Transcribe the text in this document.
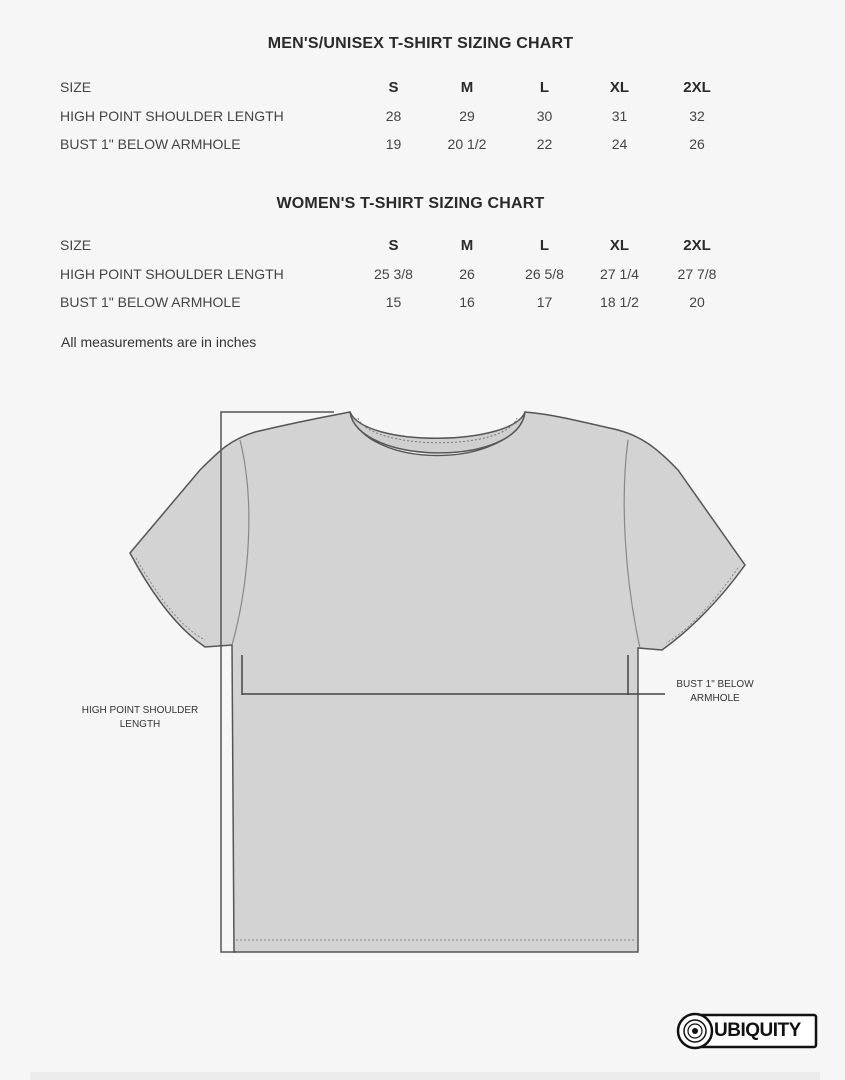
MEN'S/UNISEX T-SHIRT SIZING CHART
SIZE	S	M	L	XL	2XL
HIGH POINT SHOULDER LENGTH	28	29	30	31	32
BUST 1" BELOW ARMHOLE	19	20 1/2	22	24	26
WOMEN'S T-SHIRT SIZING CHART
SIZE	S	M	L	XL	2XL
HIGH POINT SHOULDER LENGTH	25 3/8	26	26 5/8	27 1/4	27 7/8
BUST 1" BELOW ARMHOLE	15	16	17	18 1/2	20
All measurements are in inches
HIGH POINT SHOULDER
LENGTH
BUST 1" BELOW
ARMHOLE
UBIQUITY
